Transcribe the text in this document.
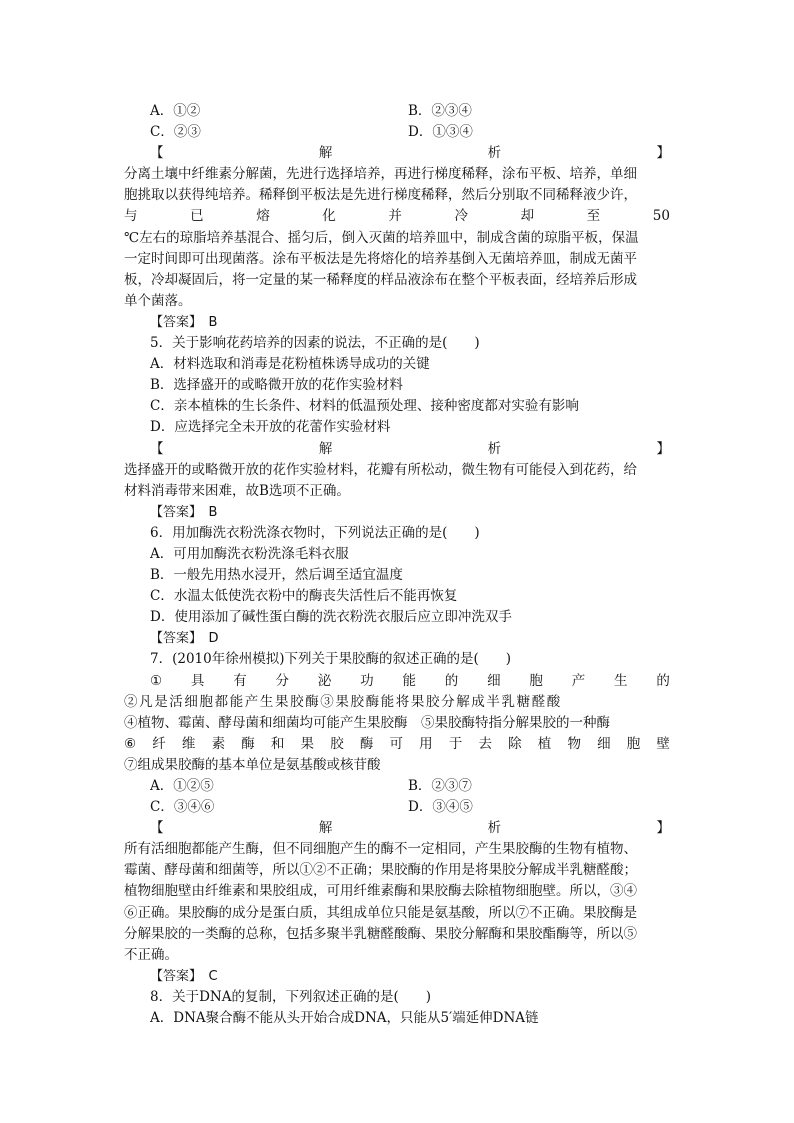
A．①②	B．②③④
C．②③	D．①③④
【	解	析	】
分离土壤中纤维素分解菌，先进行选择培养，再进行梯度稀释，涂布平板、培养，单细
胞挑取以获得纯培养。稀释倒平板法是先进行梯度稀释，然后分别取不同稀释液少许，
与	已	熔	化	并	冷	却	至	50
℃左右的琼脂培养基混合、摇匀后，倒入灭菌的培养皿中，制成含菌的琼脂平板，保温
一定时间即可出现菌落。涂布平板法是先将熔化的培养基倒入无菌培养皿，制成无菌平
板，冷却凝固后，将一定量的某一稀释度的样品液涂布在整个平板表面，经培养后形成
单个菌落。
【答案】　B
5．关于影响花药培养的因素的说法，不正确的是(　　)
A．材料选取和消毒是花粉植株诱导成功的关键
B．选择盛开的或略微开放的花作实验材料
C．亲本植株的生长条件、材料的低温预处理、接种密度都对实验有影响
D．应选择完全未开放的花蕾作实验材料
【	解	析	】
选择盛开的或略微开放的花作实验材料，花瓣有所松动，微生物有可能侵入到花药，给
材料消毒带来困难，故B选项不正确。
【答案】　B
6．用加酶洗衣粉洗涤衣物时，下列说法正确的是(　　)
A．可用加酶洗衣粉洗涤毛料衣服
B．一般先用热水浸开，然后调至适宜温度
C．水温太低使洗衣粉中的酶丧失活性后不能再恢复
D．使用添加了碱性蛋白酶的洗衣粉洗衣服后应立即冲洗双手
【答案】　D
7．(2010年徐州模拟)下列关于果胶酶的叙述正确的是(　　)
① 具 有 分 泌 功 能 的 细 胞 产 生 的
②凡是活细胞都能产生果胶酶③果胶酶能将果胶分解成半乳糖醛酸
④植物、霉菌、酵母菌和细菌均可能产生果胶酶　⑤果胶酶特指分解果胶的一种酶
⑥ 纤 维 素 酶 和 果 胶 酶 可 用 于 去 除 植 物 细 胞 壁
⑦组成果胶酶的基本单位是氨基酸或核苷酸
A．①②⑤	B．②③⑦
C．③④⑥	D．③④⑤
【	解	析	】
所有活细胞都能产生酶，但不同细胞产生的酶不一定相同，产生果胶酶的生物有植物、
霉菌、酵母菌和细菌等，所以①②不正确；果胶酶的作用是将果胶分解成半乳糖醛酸；
植物细胞壁由纤维素和果胶组成，可用纤维素酶和果胶酶去除植物细胞壁。所以，③④
⑥正确。果胶酶的成分是蛋白质，其组成单位只能是氨基酸，所以⑦不正确。果胶酶是
分解果胶的一类酶的总称，包括多聚半乳糖醛酸酶、果胶分解酶和果胶酯酶等，所以⑤
不正确。
【答案】　C
8．关于DNA的复制，下列叙述正确的是(　　)
A．DNA聚合酶不能从头开始合成DNA，只能从5′端延伸DNA链
